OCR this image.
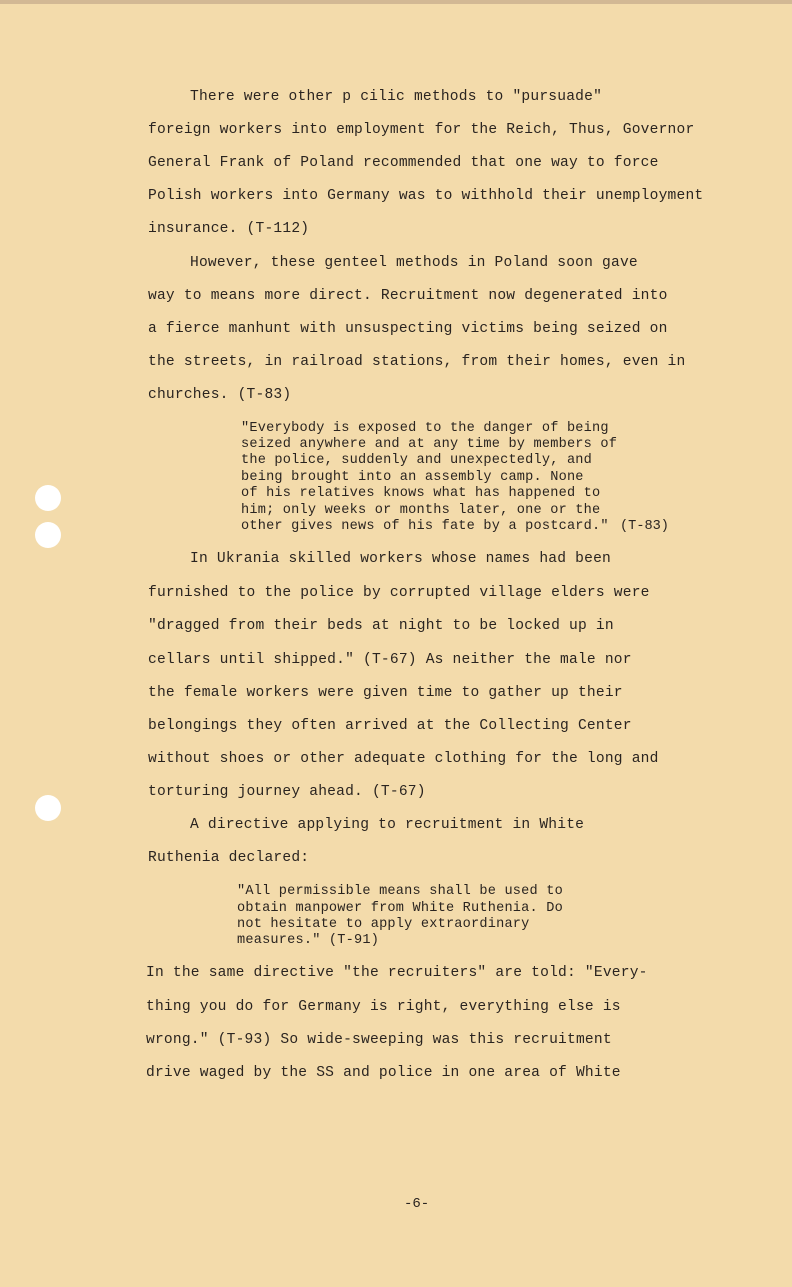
There were other p cilic methods to "pursuade"
foreign workers into employment for the Reich, Thus, Governor
General Frank of Poland recommended that one way to force
Polish workers into Germany was to withhold their unemployment
insurance. (T-112)
However, these genteel methods in Poland soon gave
way to means more direct. Recruitment now degenerated into
a fierce manhunt with unsuspecting victims being seized on
the streets, in railroad stations, from their homes, even in
churches. (T-83)
"Everybody is exposed to the danger of being
seized anywhere and at any time by members of
the police, suddenly and unexpectedly, and
being brought into an assembly camp. None
of his relatives knows what has happened to
him; only weeks or months later, one or the
other gives news of his fate by a postcard." (T-83)
In Ukrania skilled workers whose names had been
furnished to the police by corrupted village elders were
"dragged from their beds at night to be locked up in
cellars until shipped." (T-67) As neither the male nor
the female workers were given time to gather up their
belongings they often arrived at the Collecting Center
without shoes or other adequate clothing for the long and
torturing journey ahead. (T-67)
A directive applying to recruitment in White
Ruthenia declared:
"All permissible means shall be used to
obtain manpower from White Ruthenia. Do
not hesitate to apply extraordinary
measures." (T-91)
In the same directive "the recruiters" are told: "Every-
thing you do for Germany is right, everything else is
wrong." (T-93) So wide-sweeping was this recruitment
drive waged by the SS and police in one area of White
-6-
